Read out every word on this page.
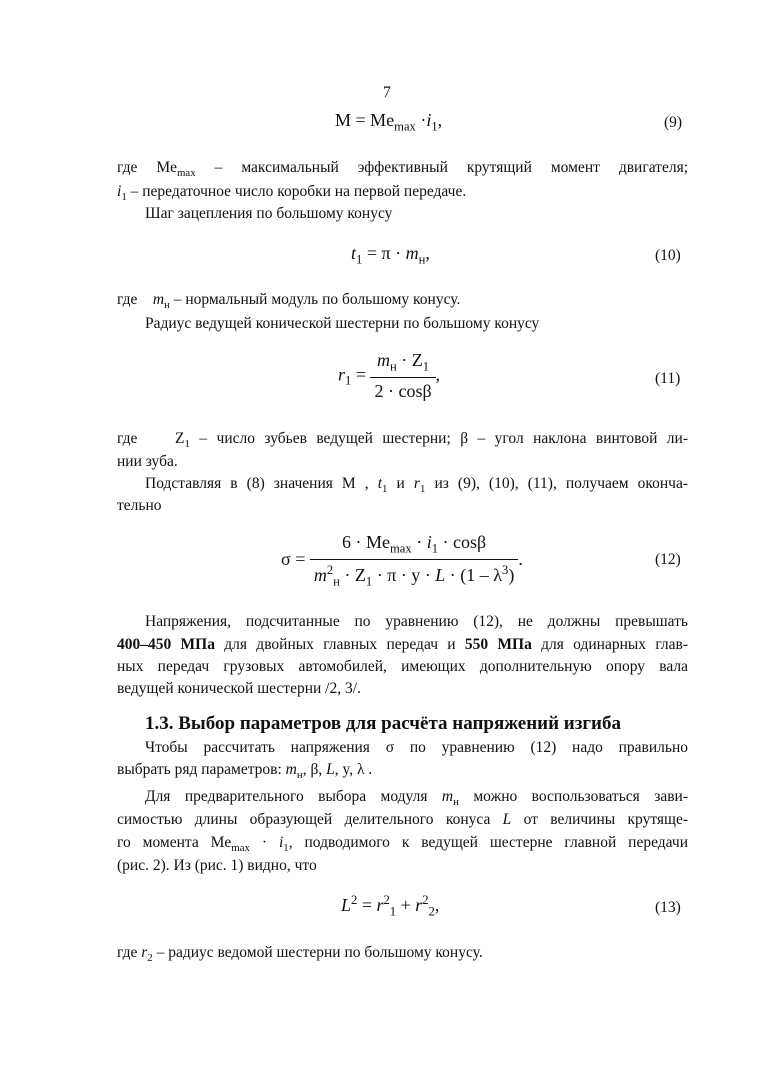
7
$M = Me_{max} \cdot i_1$,	(9)
где $Me_{max}$ – максимальный эффективный крутящий момент двигателя;
$i_1$ – передаточное число коробки на первой передаче.
Шаг зацепления по большому конусу
$t_1 = \pi \cdot m_н$,	(10)
где $m_н$ – нормальный модуль по большому конусу.
Радиус ведущей конической шестерни по большому конусу
$r_1 = \frac{m_н \cdot Z_1}{2 \cdot \cos\beta}$ ,	(11)
где $Z_1$ – число зубьев ведущей шестерни; β – угол наклона винтовой ли-
нии зуба.
Подставляя в (8) значения М , $t_1$ и $r_1$ из (9), (10), (11), получаем оконча-
тельно
$\sigma = \frac{6 \cdot Me_{max} \cdot i_1 \cdot \cos\beta}{m^2_н \cdot Z_1 \cdot \pi \cdot y \cdot L \cdot (1 - \lambda^3)}$ .	(12)
Напряжения, подсчитанные по уравнению (12), не должны превышать
400–450 МПа для двойных главных передач и 550 МПа для одинарных глав-
ных передач грузовых автомобилей, имеющих дополнительную опору вала
ведущей конической шестерни /2, 3/.
1.3. Выбор параметров для расчёта напряжений изгиба
Чтобы рассчитать напряжения σ по уравнению (12) надо правильно
выбрать ряд параметров: $m_н$, β, L, y, λ .
Для предварительного выбора модуля $m_н$ можно воспользоваться зави-
симостью длины образующей делительного конуса L от величины крутяще-
го момента $Me_{max} \cdot i_1$, подводимого к ведущей шестерне главной передачи
(рис. 2). Из (рис. 1) видно, что
$L^2 = r^2_1 + r^2_2$,	(13)
где $r_2$ – радиус ведомой шестерни по большому конусу.
